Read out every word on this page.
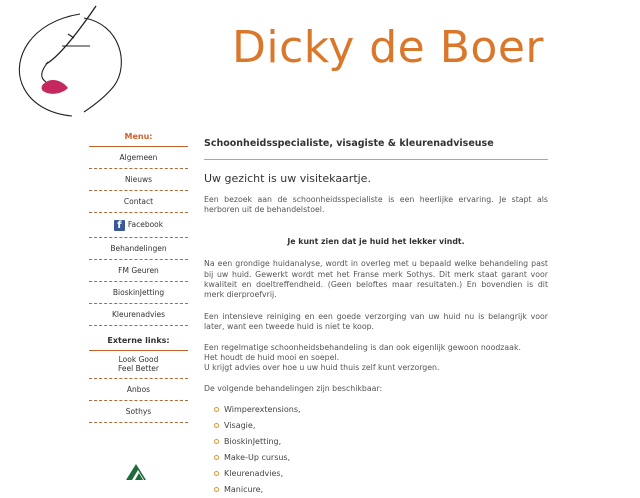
Dicky de Boer
Menu:
Algemeen
Nieuws
Contact
f Facebook
Behandelingen
FM Geuren
BioskinJetting
Kleurenadvies
Externe links:
Look Good
Feel Better
Anbos
Sothys
Schoonheidsspecialiste, visagiste & kleurenadviseuse

Uw gezicht is uw visitekaartje.

Een bezoek aan de schoonheidsspecialiste is een heerlijke ervaring. Je stapt als herboren uit de behandelstoel.

Je kunt zien dat je huid het lekker vindt.

Na een grondige huidanalyse, wordt in overleg met u bepaald welke behandeling past bij uw huid. Gewerkt wordt met het Franse merk Sothys. Dit merk staat garant voor kwaliteit en doeltreffendheid. (Geen beloftes maar resultaten.) En bovendien is dit merk dierproefvrij.

Een intensieve reiniging en een goede verzorging van uw huid nu is belangrijk voor later, want een tweede huid is niet te koop.

Een regelmatige schoonheidsbehandeling is dan ook eigenlijk gewoon noodzaak.
Het houdt de huid mooi en soepel.
U krijgt advies over hoe u uw huid thuis zelf kunt verzorgen.

De volgende behandelingen zijn beschikbaar:

Wimperextensions,
Visagie,
BioskinJetting,
Make-Up cursus,
Kleurenadvies,
Manicure,
